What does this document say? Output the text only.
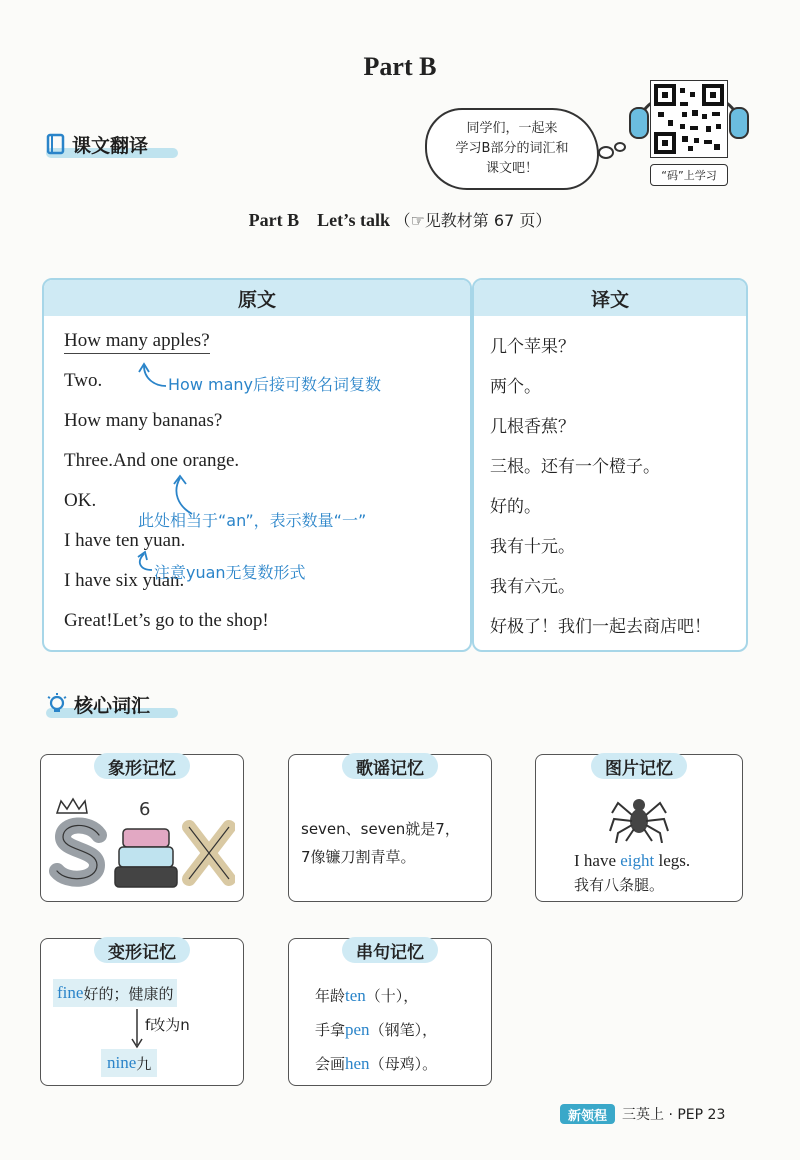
Part B
课文翻译
同学们，一起来
学习B部分的词汇和
课文吧！	“码”上学习
Part B Let’s talk （☞见教材第 67 页）
原文
How many apples?
Two.
How many bananas?
Three.And one orange.
OK.
I have ten yuan.
I have six yuan.
Great!Let’s go to the shop!
How many后接可数名词复数
此处相当于“an”，表示数量“一”
注意yuan无复数形式
译文
几个苹果？
两个。
几根香蕉？
三根。还有一个橙子。
好的。
我有十元。
我有六元。
好极了！我们一起去商店吧！
核心词汇
象形记忆
6
歌谣记忆
seven、seven就是7，
7像镰刀割青草。
图片记忆
I have eight legs.
我有八条腿。
变形记忆
fine 好的；健康的
f改为n
nine 九
串句记忆
年龄ten（十），
手拿pen（钢笔），
会画hen（母鸡）。
新领程	三英上 · PEP 23
